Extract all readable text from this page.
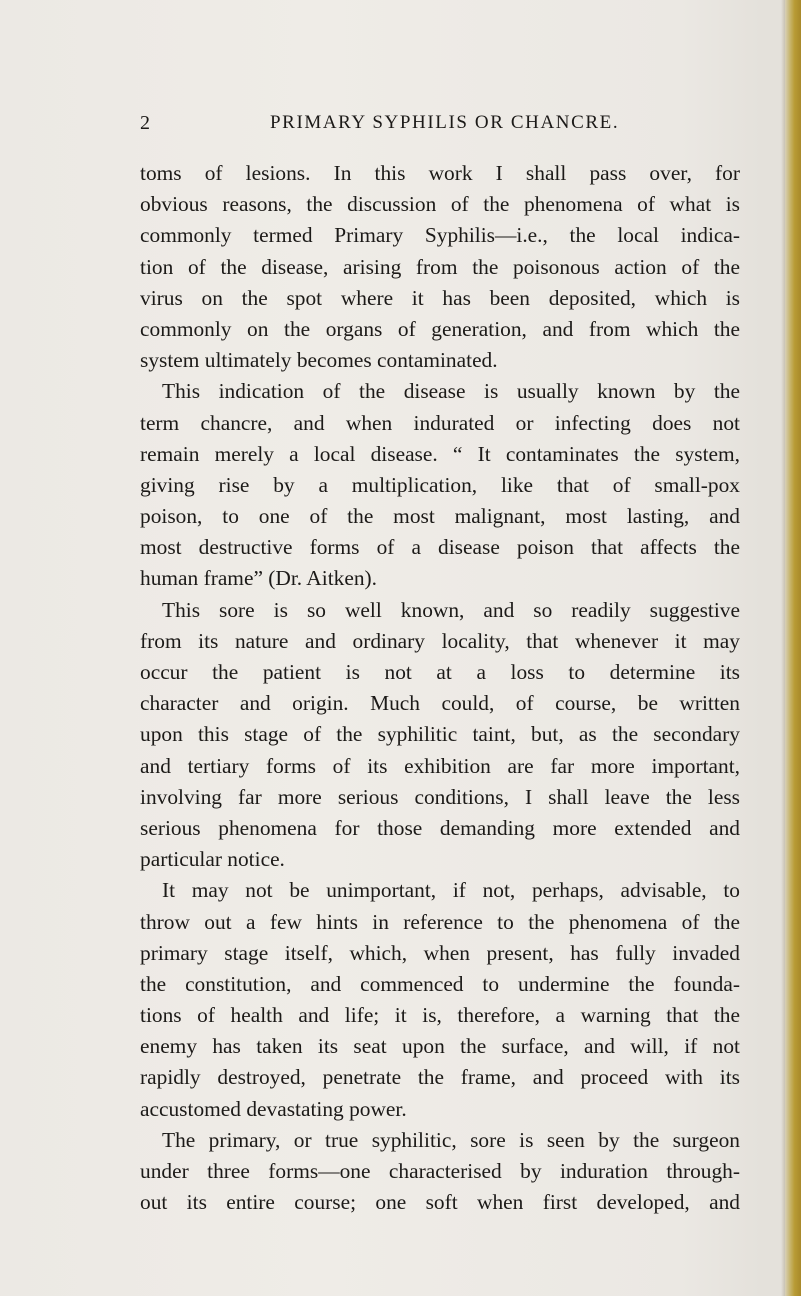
2	PRIMARY SYPHILIS OR CHANCRE.
toms of lesions. In this work I shall pass over, for
obvious reasons, the discussion of the phenomena of what is
commonly termed Primary Syphilis—i.e., the local indica-
tion of the disease, arising from the poisonous action of the
virus on the spot where it has been deposited, which is
commonly on the organs of generation, and from which the
system ultimately becomes contaminated.
This indication of the disease is usually known by the
term chancre, and when indurated or infecting does not
remain merely a local disease. “ It contaminates the system,
giving rise by a multiplication, like that of small-pox
poison, to one of the most malignant, most lasting, and
most destructive forms of a disease poison that affects the
human frame” (Dr. Aitken).
This sore is so well known, and so readily suggestive
from its nature and ordinary locality, that whenever it may
occur the patient is not at a loss to determine its
character and origin. Much could, of course, be written
upon this stage of the syphilitic taint, but, as the secondary
and tertiary forms of its exhibition are far more important,
involving far more serious conditions, I shall leave the less
serious phenomena for those demanding more extended and
particular notice.
It may not be unimportant, if not, perhaps, advisable, to
throw out a few hints in reference to the phenomena of the
primary stage itself, which, when present, has fully invaded
the constitution, and commenced to undermine the founda-
tions of health and life; it is, therefore, a warning that the
enemy has taken its seat upon the surface, and will, if not
rapidly destroyed, penetrate the frame, and proceed with its
accustomed devastating power.
The primary, or true syphilitic, sore is seen by the surgeon
under three forms—one characterised by induration through-
out its entire course; one soft when first developed, and
